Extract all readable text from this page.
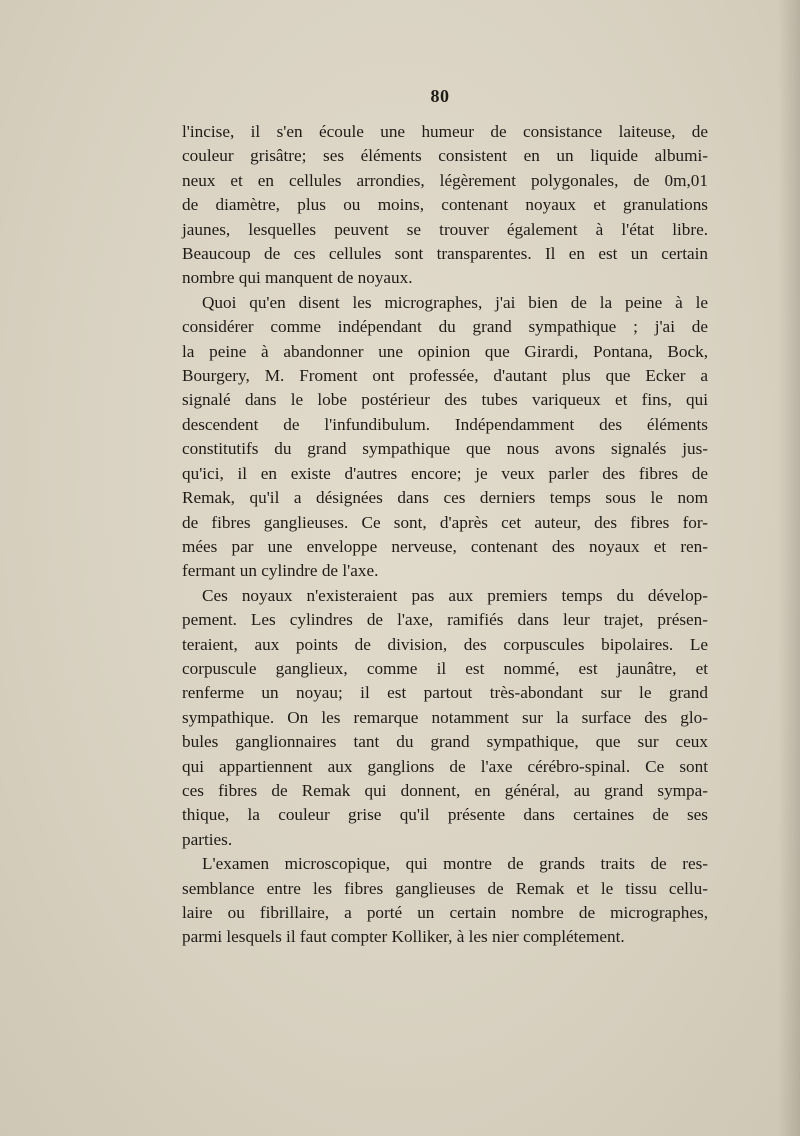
80
l'incise, il s'en écoule une humeur de consistance laiteuse, de
couleur grisâtre; ses éléments consistent en un liquide albumi-
neux et en cellules arrondies, légèrement polygonales, de 0m,01
de diamètre, plus ou moins, contenant noyaux et granulations
jaunes, lesquelles peuvent se trouver également à l'état libre.
Beaucoup de ces cellules sont transparentes. Il en est un certain
nombre qui manquent de noyaux.
Quoi qu'en disent les micrographes, j'ai bien de la peine à le
considérer comme indépendant du grand sympathique ; j'ai de
la peine à abandonner une opinion que Girardi, Pontana, Bock,
Bourgery, M. Froment ont professée, d'autant plus que Ecker a
signalé dans le lobe postérieur des tubes variqueux et fins, qui
descendent de l'infundibulum. Indépendamment des éléments
constitutifs du grand sympathique que nous avons signalés jus-
qu'ici, il en existe d'autres encore; je veux parler des fibres de
Remak, qu'il a désignées dans ces derniers temps sous le nom
de fibres ganglieuses. Ce sont, d'après cet auteur, des fibres for-
mées par une enveloppe nerveuse, contenant des noyaux et ren-
fermant un cylindre de l'axe.
Ces noyaux n'existeraient pas aux premiers temps du dévelop-
pement. Les cylindres de l'axe, ramifiés dans leur trajet, présen-
teraient, aux points de division, des corpuscules bipolaires. Le
corpuscule ganglieux, comme il est nommé, est jaunâtre, et
renferme un noyau; il est partout très-abondant sur le grand
sympathique. On les remarque notamment sur la surface des glo-
bules ganglionnaires tant du grand sympathique, que sur ceux
qui appartiennent aux ganglions de l'axe cérébro-spinal. Ce sont
ces fibres de Remak qui donnent, en général, au grand sympa-
thique, la couleur grise qu'il présente dans certaines de ses
parties.
L'examen microscopique, qui montre de grands traits de res-
semblance entre les fibres ganglieuses de Remak et le tissu cellu-
laire ou fibrillaire, a porté un certain nombre de micrographes,
parmi lesquels il faut compter Kolliker, à les nier complétement.
